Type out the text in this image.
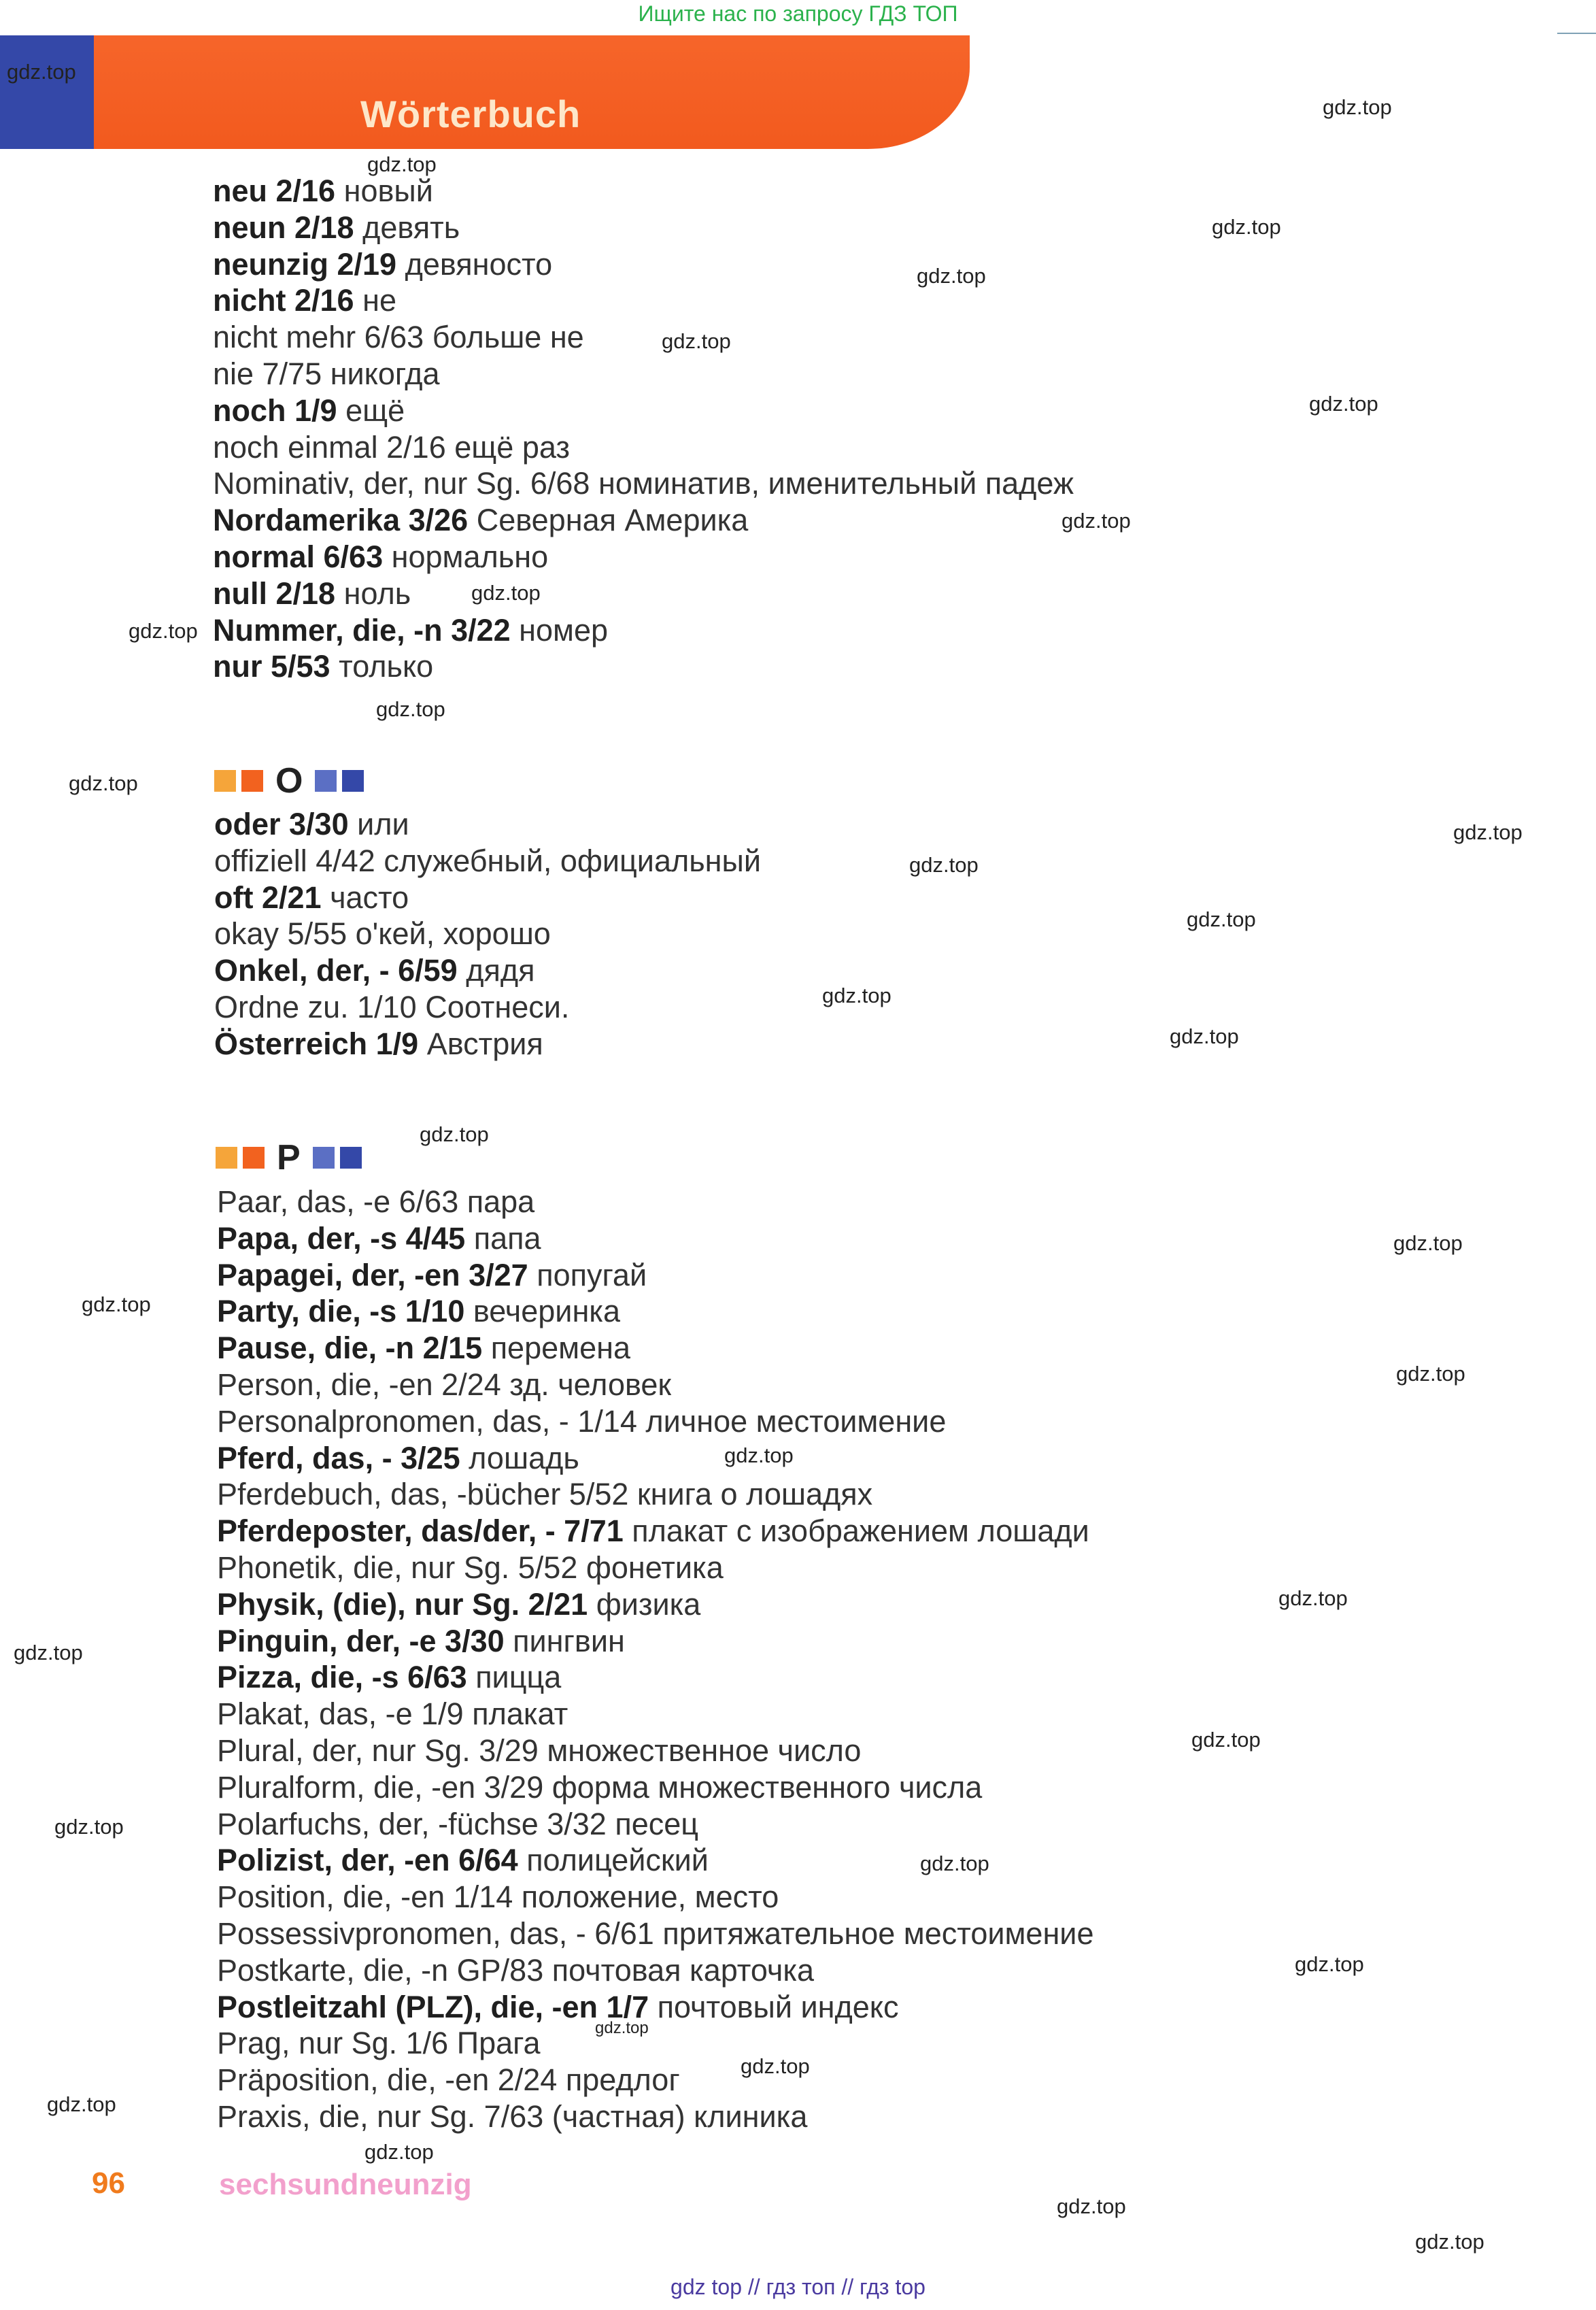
Ищите нас по запросу ГДЗ ТОП
Wörterbuch
neu 2/16 новый
neun 2/18 девять
neunzig 2/19 девяносто
nicht 2/16 не
nicht mehr 6/63 больше не
nie 7/75 никогда
noch 1/9 ещё
noch einmal 2/16 ещё раз
Nominativ, der, nur Sg. 6/68 номинатив, именительный падеж
Nordamerika 3/26 Северная Америка
normal 6/63 нормально
null 2/18 ноль
Nummer, die, -n 3/22 номер
nur 5/53 только
O
oder 3/30 или
offiziell 4/42 служебный, официальный
oft 2/21 часто
okay 5/55 о'кей, хорошо
Onkel, der, - 6/59 дядя
Ordne zu. 1/10 Соотнеси.
Österreich 1/9 Австрия
P
Paar, das, -e 6/63 пара
Papa, der, -s 4/45 папа
Papagei, der, -en 3/27 попугай
Party, die, -s 1/10 вечеринка
Pause, die, -n 2/15 перемена
Person, die, -en 2/24 зд. человек
Personalpronomen, das, - 1/14 личное местоимение
Pferd, das, - 3/25 лошадь
Pferdebuch, das, -bücher 5/52 книга о лошадях
Pferdeposter, das/der, - 7/71 плакат с изображением лошади
Phonetik, die, nur Sg. 5/52 фонетика
Physik, (die), nur Sg. 2/21 физика
Pinguin, der, -e 3/30 пингвин
Pizza, die, -s 6/63 пицца
Plakat, das, -e 1/9 плакат
Plural, der, nur Sg. 3/29 множественное число
Pluralform, die, -en 3/29 форма множественного числа
Polarfuchs, der, -füchse 3/32 песец
Polizist, der, -en 6/64 полицейский
Position, die, -en 1/14 положение, место
Possessivpronomen, das, - 6/61 притяжательное местоимение
Postkarte, die, -n GP/83 почтовая карточка
Postleitzahl (PLZ), die, -en 1/7 почтовый индекс
Prag, nur Sg. 1/6 Прага
Präposition, die, -en 2/24 предлог
Praxis, die, nur Sg. 7/63 (частная) клиника
96	sechsundneunzig
gdz.top
gdz.top
gdz.top
gdz.top
gdz.top
gdz.top
gdz.top
gdz.top
gdz.top
gdz.top
gdz.top
gdz.top
gdz.top
gdz.top
gdz.top
gdz.top
gdz.top
gdz.top
gdz.top
gdz.top
gdz.top
gdz.top
gdz.top
gdz.top
gdz.top
gdz.top
gdz.top
gdz.top
gdz.top
gdz.top
gdz.top
gdz.top
gdz.top
gdz.top
gdz top // гдз топ // гдз top
